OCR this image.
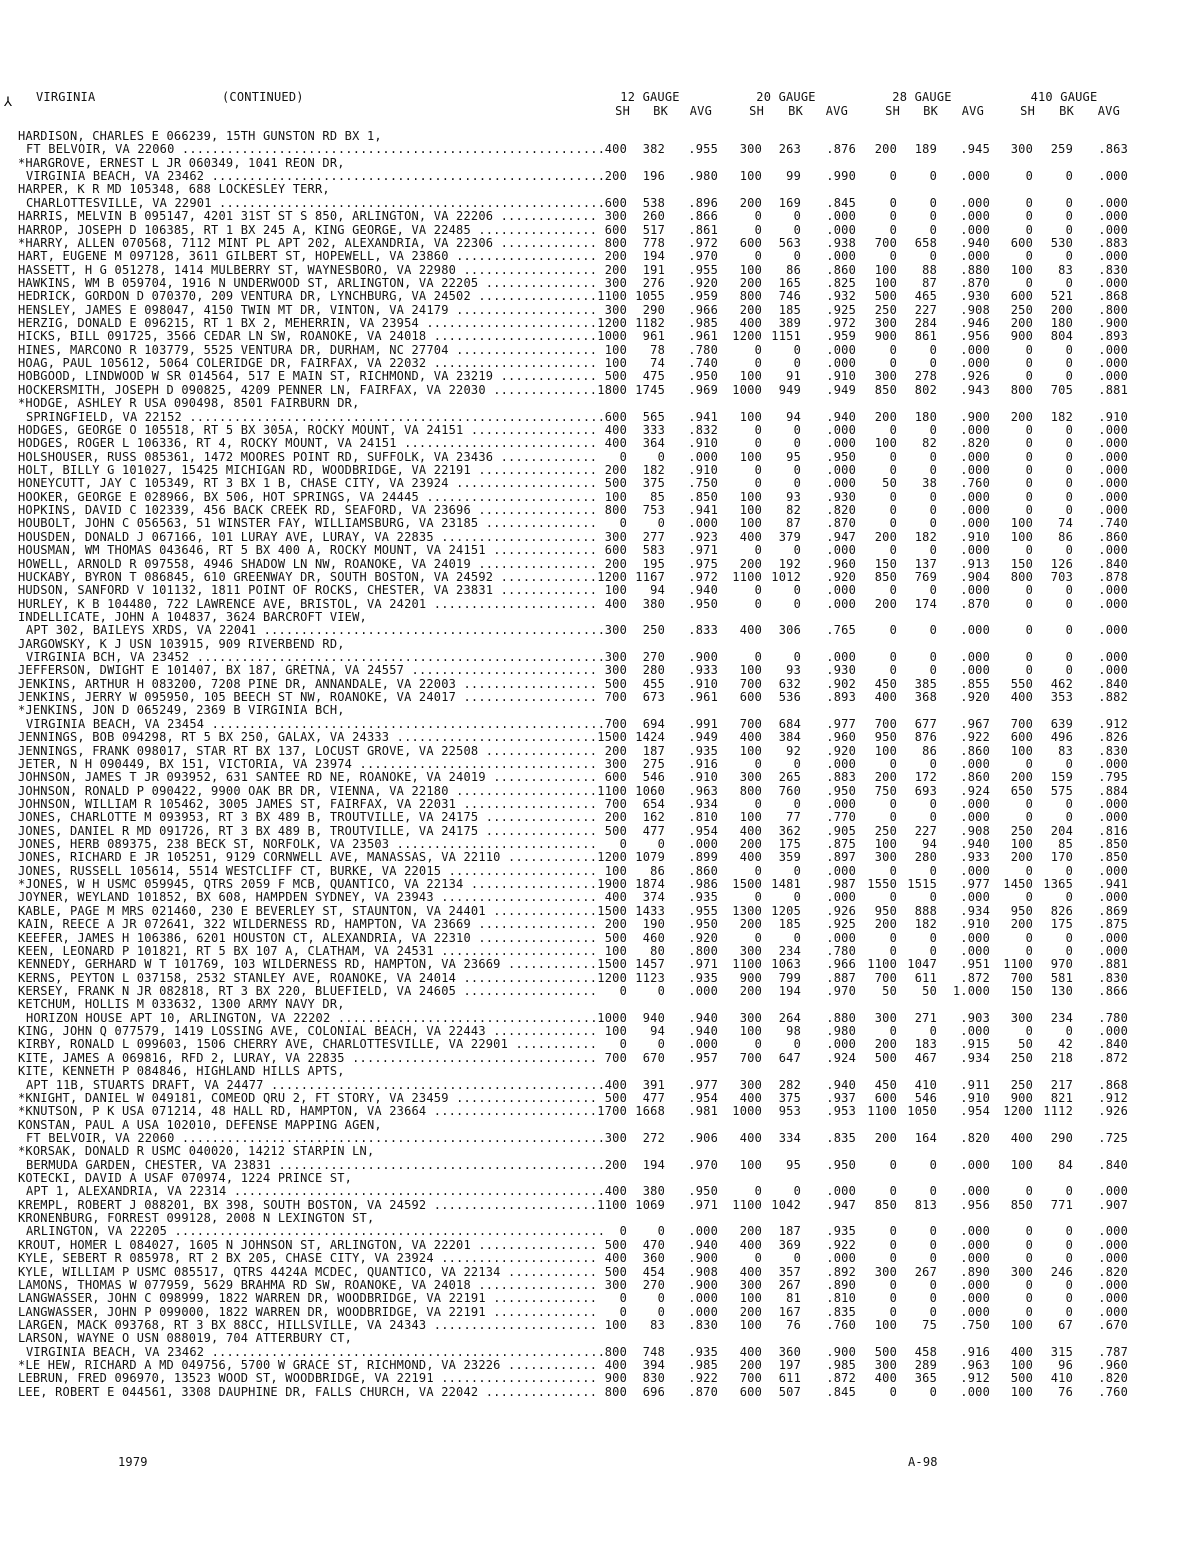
VIRGINIA	(CONTINUED)	12 GAUGE	20 GAUGE	28 GAUGE	410 GAUGE
SH	BK	AVG	SH	BK	AVG	SH	BK	AVG	SH	BK	AVG
⅄
HARDISON, CHARLES E 066239, 15TH GUNSTON RD BX 1,
FT BELVOIR, VA 22060 .....	400	382	.955	300	263	.876	200	189	.945	300	259	.863
*HARGROVE, ERNEST L JR 060349, 1041 REON DR,
VIRGINIA BEACH, VA 23462 .....	200	196	.980	100	99	.990	0	0	.000	0	0	.000
HARPER, K R MD 105348, 688 LOCKESLEY TERR,
CHARLOTTESVILLE, VA 22901 .....	600	538	.896	200	169	.845	0	0	.000	0	0	.000
HARRIS, MELVIN B 095147, 4201 31ST ST S 850, ARLINGTON, VA 22206 .....	300	260	.866	0	0	.000	0	0	.000	0	0	.000
HARROP, JOSEPH D 106385, RT 1 BX 245 A, KING GEORGE, VA 22485 .....	600	517	.861	0	0	.000	0	0	.000	0	0	.000
*HARRY, ALLEN 070568, 7112 MINT PL APT 202, ALEXANDRIA, VA 22306 .....	800	778	.972	600	563	.938	700	658	.940	600	530	.883
HART, EUGENE M 097128, 3611 GILBERT ST, HOPEWELL, VA 23860 .....	200	194	.970	0	0	.000	0	0	.000	0	0	.000
HASSETT, H G 051278, 1414 MULBERRY ST, WAYNESBORO, VA 22980 .....	200	191	.955	100	86	.860	100	88	.880	100	83	.830
HAWKINS, WM B 059704, 1916 N UNDERWOOD ST, ARLINGTON, VA 22205 .....	300	276	.920	200	165	.825	100	87	.870	0	0	.000
HEDRICK, GORDON D 070370, 209 VENTURA DR, LYNCHBURG, VA 24502 .....	1100 1055	.959	800	746	.932	500	465	.930	600	521	.868
HENSLEY, JAMES E 098047, 4150 TWIN MT DR, VINTON, VA 24179 .....	300	290	.966	200	185	.925	250	227	.908	250	200	.800
HERZIG, DONALD E 096215, RT 1 BX 2, MEHERRIN, VA 23954 .....	1200 1182	.985	400	389	.972	300	284	.946	200	180	.900
HICKS, BILL 091725, 3566 CEDAR LN SW, ROANOKE, VA 24018 .....	1000	961	.961	1200 1151	.959	900	861	.956	900	804	.893
HINES, MARCONO R 103779, 5525 VENTURA DR, DURHAM, NC 27704 .....	100	78	.780	0	0	.000	0	0	.000	0	0	.000
HOAG, PAUL 105612, 5064 COLERIDGE DR, FAIRFAX, VA 22032 .....	100	74	.740	0	0	.000	0	0	.000	0	0	.000
HOBGOOD, LINDWOOD W SR 014564, 517 E MAIN ST, RICHMOND, VA 23219 .....	500	475	.950	100	91	.910	300	278	.926	0	0	.000
HOCKERSMITH, JOSEPH D 090825, 4209 PENNER LN, FAIRFAX, VA 22030 .....	1800 1745	.969	1000	949	.949	850	802	.943	800	705	.881
*HODGE, ASHLEY R USA 090498, 8501 FAIRBURN DR,
SPRINGFIELD, VA 22152 .....	600	565	.941	100	94	.940	200	180	.900	200	182	.910
HODGES, GEORGE O 105518, RT 5 BX 305A, ROCKY MOUNT, VA 24151 .....	400	333	.832	0	0	.000	0	0	.000	0	0	.000
HODGES, ROGER L 106336, RT 4, ROCKY MOUNT, VA 24151 .....	400	364	.910	0	0	.000	100	82	.820	0	0	.000
HOLSHOUSER, RUSS 085361, 1472 MOORES POINT RD, SUFFOLK, VA 23436 .....	0	0	.000	100	95	.950	0	0	.000	0	0	.000
HOLT, BILLY G 101027, 15425 MICHIGAN RD, WOODBRIDGE, VA 22191 .....	200	182	.910	0	0	.000	0	0	.000	0	0	.000
HONEYCUTT, JAY C 105349, RT 3 BX 1 B, CHASE CITY, VA 23924 .....	500	375	.750	0	0	.000	50	38	.760	0	0	.000
HOOKER, GEORGE E 028966, BX 506, HOT SPRINGS, VA 24445 .....	100	85	.850	100	93	.930	0	0	.000	0	0	.000
HOPKINS, DAVID C 102339, 456 BACK CREEK RD, SEAFORD, VA 23696 .....	800	753	.941	100	82	.820	0	0	.000	0	0	.000
HOUBOLT, JOHN C 056563, 51 WINSTER FAY, WILLIAMSBURG, VA 23185 .....	0	0	.000	100	87	.870	0	0	.000	100	74	.740
HOUSDEN, DONALD J 067166, 101 LURAY AVE, LURAY, VA 22835 .....	300	277	.923	400	379	.947	200	182	.910	100	86	.860
HOUSMAN, WM THOMAS 043646, RT 5 BX 400 A, ROCKY MOUNT, VA 24151 .....	600	583	.971	0	0	.000	0	0	.000	0	0	.000
HOWELL, ARNOLD R 097558, 4946 SHADOW LN NW, ROANOKE, VA 24019 .....	200	195	.975	200	192	.960	150	137	.913	150	126	.840
HUCKABY, BYRON T 086845, 610 GREENWAY DR, SOUTH BOSTON, VA 24592 .....	1200 1167	.972	1100 1012	.920	850	769	.904	800	703	.878
HUDSON, SANFORD V 101132, 1811 POINT OF ROCKS, CHESTER, VA 23831 .....	100	94	.940	0	0	.000	0	0	.000	0	0	.000
HURLEY, K B 104480, 722 LAWRENCE AVE, BRISTOL, VA 24201 .....	400	380	.950	0	0	.000	200	174	.870	0	0	.000
INDELLICATE, JOHN A 104837, 3624 BARCROFT VIEW,
APT 302, BAILEYS XRDS, VA 22041 .....	300	250	.833	400	306	.765	0	0	.000	0	0	.000
JARGOWSKY, K J USN 103915, 909 RIVERBEND RD,
VIRGINIA BCH, VA 23452 .....	300	270	.900	0	0	.000	0	0	.000	0	0	.000
JEFFERSON, DWIGHT E 101407, BX 187, GRETNA, VA 24557 .....	300	280	.933	100	93	.930	0	0	.000	0	0	.000
JENKINS, ARTHUR H 083200, 7208 PINE DR, ANNANDALE, VA 22003 .....	500	455	.910	700	632	.902	450	385	.855	550	462	.840
JENKINS, JERRY W 095950, 105 BEECH ST NW, ROANOKE, VA 24017 .....	700	673	.961	600	536	.893	400	368	.920	400	353	.882
*JENKINS, JON D 065249, 2369 B VIRGINIA BCH,
VIRGINIA BEACH, VA 23454 .....	700	694	.991	700	684	.977	700	677	.967	700	639	.912
JENNINGS, BOB 094298, RT 5 BX 250, GALAX, VA 24333 .....	1500 1424	.949	400	384	.960	950	876	.922	600	496	.826
JENNINGS, FRANK 098017, STAR RT BX 137, LOCUST GROVE, VA 22508 .....	200	187	.935	100	92	.920	100	86	.860	100	83	.830
JETER, N H 090449, BX 151, VICTORIA, VA 23974 .....	300	275	.916	0	0	.000	0	0	.000	0	0	.000
JOHNSON, JAMES T JR 093952, 631 SANTEE RD NE, ROANOKE, VA 24019 .....	600	546	.910	300	265	.883	200	172	.860	200	159	.795
JOHNSON, RONALD P 090422, 9900 OAK BR DR, VIENNA, VA 22180 .....	1100 1060	.963	800	760	.950	750	693	.924	650	575	.884
JOHNSON, WILLIAM R 105462, 3005 JAMES ST, FAIRFAX, VA 22031 .....	700	654	.934	0	0	.000	0	0	.000	0	0	.000
JONES, CHARLOTTE M 093953, RT 3 BX 489 B, TROUTVILLE, VA 24175 .....	200	162	.810	100	77	.770	0	0	.000	0	0	.000
JONES, DANIEL R MD 091726, RT 3 BX 489 B, TROUTVILLE, VA 24175 .....	500	477	.954	400	362	.905	250	227	.908	250	204	.816
JONES, HERB 089375, 238 BECK ST, NORFOLK, VA 23503 .....	0	0	.000	200	175	.875	100	94	.940	100	85	.850
JONES, RICHARD E JR 105251, 9129 CORNWELL AVE, MANASSAS, VA 22110 .....	1200 1079	.899	400	359	.897	300	280	.933	200	170	.850
JONES, RUSSELL 105614, 5514 WESTCLIFF CT, BURKE, VA 22015 .....	100	86	.860	0	0	.000	0	0	.000	0	0	.000
*JONES, W H USMC 059945, QTRS 2059 F MCB, QUANTICO, VA 22134 .....	1900 1874	.986	1500 1481	.987 1550 1515	.977	1450 1365	.941
JOYNER, WEYLAND 101852, BX 608, HAMPDEN SYDNEY, VA 23943 .....	400	374	.935	0	0	.000	0	0	.000	0	0	.000
KABLE, PAGE M MRS 021460, 230 E BEVERLEY ST, STAUNTON, VA 24401 .....	1500 1433	.955	1300 1205	.926	950	888	.934	950	826	.869
KAIN, REECE A JR 072641, 322 WILDERNESS RD, HAMPTON, VA 23669 .....	200	190	.950	200	185	.925	200	182	.910	200	175	.875
KEEFER, JAMES H 106386, 6201 HOUSTON CT, ALEXANDRIA, VA 22310 .....	500	460	.920	0	0	.000	0	0	.000	0	0	.000
KEEN, LEONARD P 101821, RT 5 BX 107 A, CLATHAM, VA 24531 .....	100	80	.800	300	234	.780	0	0	.000	0	0	.000
KENNEDY, GERHARD W T 101769, 103 WILDERNESS RD, HAMPTON, VA 23669 .....	1500 1457	.971	1100 1063	.966 1100 1047	.951	1100	970	.881
KERNS, PEYTON L 037158, 2532 STANLEY AVE, ROANOKE, VA 24014 .....	1200 1123	.935	900	799	.887	700	611	.872	700	581	.830
KERSEY, FRANK N JR 082818, RT 3 BX 220, BLUEFIELD, VA 24605 .....	0	0	.000	200	194	.970	50	50	1.000	150	130	.866
KETCHUM, HOLLIS M 033632, 1300 ARMY NAVY DR,
HORIZON HOUSE APT 10, ARLINGTON, VA 22202 .....	1000	940	.940	300	264	.880	300	271	.903	300	234	.780
KING, JOHN Q 077579, 1419 LOSSING AVE, COLONIAL BEACH, VA 22443 .....	100	94	.940	100	98	.980	0	0	.000	0	0	.000
KIRBY, RONALD L 099603, 1506 CHERRY AVE, CHARLOTTESVILLE, VA 22901 .....	0	0	.000	0	0	.000	200	183	.915	50	42	.840
KITE, JAMES A 069816, RFD 2, LURAY, VA 22835 .....	700	670	.957	700	647	.924	500	467	.934	250	218	.872
KITE, KENNETH P 084846, HIGHLAND HILLS APTS,
APT 11B, STUARTS DRAFT, VA 24477 .....	400	391	.977	300	282	.940	450	410	.911	250	217	.868
*KNIGHT, DANIEL W 049181, COMEOD QRU 2, FT STORY, VA 23459 .....	500	477	.954	400	375	.937	600	546	.910	900	821	.912
*KNUTSON, P K USA 071214, 48 HALL RD, HAMPTON, VA 23664 .....	1700 1668	.981	1000	953	.953 1100 1050	.954	1200 1112	.926
KONSTAN, PAUL A USA 102010, DEFENSE MAPPING AGEN,
FT BELVOIR, VA 22060 .....	300	272	.906	400	334	.835	200	164	.820	400	290	.725
*KORSAK, DONALD R USMC 040020, 14212 STARPIN LN,
BERMUDA GARDEN, CHESTER, VA 23831 .....	200	194	.970	100	95	.950	0	0	.000	100	84	.840
KOTECKI, DAVID A USAF 070974, 1224 PRINCE ST,
APT 1, ALEXANDRIA, VA 22314 .....	400	380	.950	0	0	.000	0	0	.000	0	0	.000
KREMPL, ROBERT J 088201, BX 398, SOUTH BOSTON, VA 24592 .....	1100 1069	.971	1100 1042	.947	850	813	.956	850	771	.907
KRONENBURG, FORREST 099128, 2008 N LEXINGTON ST,
ARLINGTON, VA 22205 .....	0	0	.000	200	187	.935	0	0	.000	0	0	.000
KROUT, HOMER L 084027, 1605 N JOHNSON ST, ARLINGTON, VA 22201 .....	500	470	.940	400	369	.922	0	0	.000	0	0	.000
KYLE, SEBERT R 085978, RT 2 BX 205, CHASE CITY, VA 23924 .....	400	360	.900	0	0	.000	0	0	.000	0	0	.000
KYLE, WILLIAM P USMC 085517, QTRS 4424A MCDEC, QUANTICO, VA 22134 .....	500	454	.908	400	357	.892	300	267	.890	300	246	.820
LAMONS, THOMAS W 077959, 5629 BRAHMA RD SW, ROANOKE, VA 24018 .....	300	270	.900	300	267	.890	0	0	.000	0	0	.000
LANGWASSER, JOHN C 098999, 1822 WARREN DR, WOODBRIDGE, VA 22191 .....	0	0	.000	100	81	.810	0	0	.000	0	0	.000
LANGWASSER, JOHN P 099000, 1822 WARREN DR, WOODBRIDGE, VA 22191 .....	0	0	.000	200	167	.835	0	0	.000	0	0	.000
LARGEN, MACK 093768, RT 3 BX 88CC, HILLSVILLE, VA 24343 .....	100	83	.830	100	76	.760	100	75	.750	100	67	.670
LARSON, WAYNE O USN 088019, 704 ATTERBURY CT,
VIRGINIA BEACH, VA 23462 .....	800	748	.935	400	360	.900	500	458	.916	400	315	.787
*LE HEW, RICHARD A MD 049756, 5700 W GRACE ST, RICHMOND, VA 23226 .....	400	394	.985	200	197	.985	300	289	.963	100	96	.960
LEBRUN, FRED 096970, 13523 WOOD ST, WOODBRIDGE, VA 22191 .....	900	830	.922	700	611	.872	400	365	.912	500	410	.820
LEE, ROBERT E 044561, 3308 DAUPHINE DR, FALLS CHURCH, VA 22042 .....	800	696	.870	600	507	.845	0	0	.000	100	76	.760
1979	A-98
